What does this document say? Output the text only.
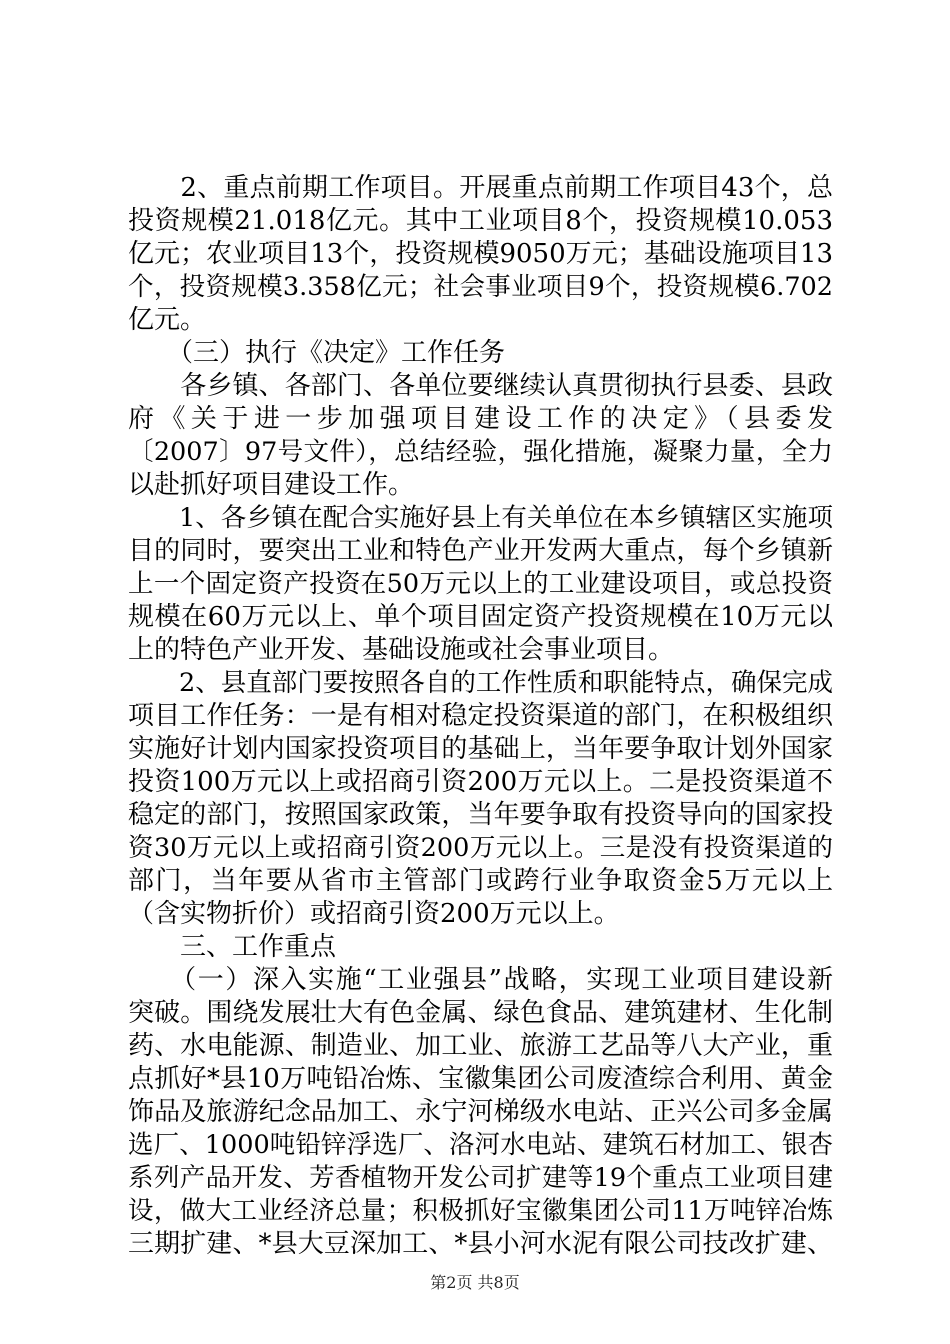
　　2、重点前期工作项目。开展重点前期工作项目43个，总
投资规模21.018亿元。其中工业项目8个，投资规模10.053
亿元；农业项目13个，投资规模9050万元；基础设施项目13
个，投资规模3.358亿元；社会事业项目9个，投资规模6.702
亿元。
　　（三）执行《决定》工作任务
　　各乡镇、各部门、各单位要继续认真贯彻执行县委、县政
府《关于进一步加强项目建设工作的决定》（县委发
〔2007〕97号文件），总结经验，强化措施，凝聚力量，全力
以赴抓好项目建设工作。
　　1、各乡镇在配合实施好县上有关单位在本乡镇辖区实施项
目的同时，要突出工业和特色产业开发两大重点，每个乡镇新
上一个固定资产投资在50万元以上的工业建设项目，或总投资
规模在60万元以上、单个项目固定资产投资规模在10万元以
上的特色产业开发、基础设施或社会事业项目。
　　2、县直部门要按照各自的工作性质和职能特点，确保完成
项目工作任务：一是有相对稳定投资渠道的部门，在积极组织
实施好计划内国家投资项目的基础上，当年要争取计划外国家
投资100万元以上或招商引资200万元以上。二是投资渠道不
稳定的部门，按照国家政策，当年要争取有投资导向的国家投
资30万元以上或招商引资200万元以上。三是没有投资渠道的
部门，当年要从省市主管部门或跨行业争取资金5万元以上
（含实物折价）或招商引资200万元以上。
　　三、工作重点
　　（一）深入实施“工业强县”战略，实现工业项目建设新
突破。围绕发展壮大有色金属、绿色食品、建筑建材、生化制
药、水电能源、制造业、加工业、旅游工艺品等八大产业，重
点抓好*县10万吨铅冶炼、宝徽集团公司废渣综合利用、黄金
饰品及旅游纪念品加工、永宁河梯级水电站、正兴公司多金属
选厂、1000吨铅锌浮选厂、洛河水电站、建筑石材加工、银杏
系列产品开发、芳香植物开发公司扩建等19个重点工业项目建
设，做大工业经济总量；积极抓好宝徽集团公司11万吨锌冶炼
三期扩建、*县大豆深加工、*县小河水泥有限公司技改扩建、
第2页 共8页
